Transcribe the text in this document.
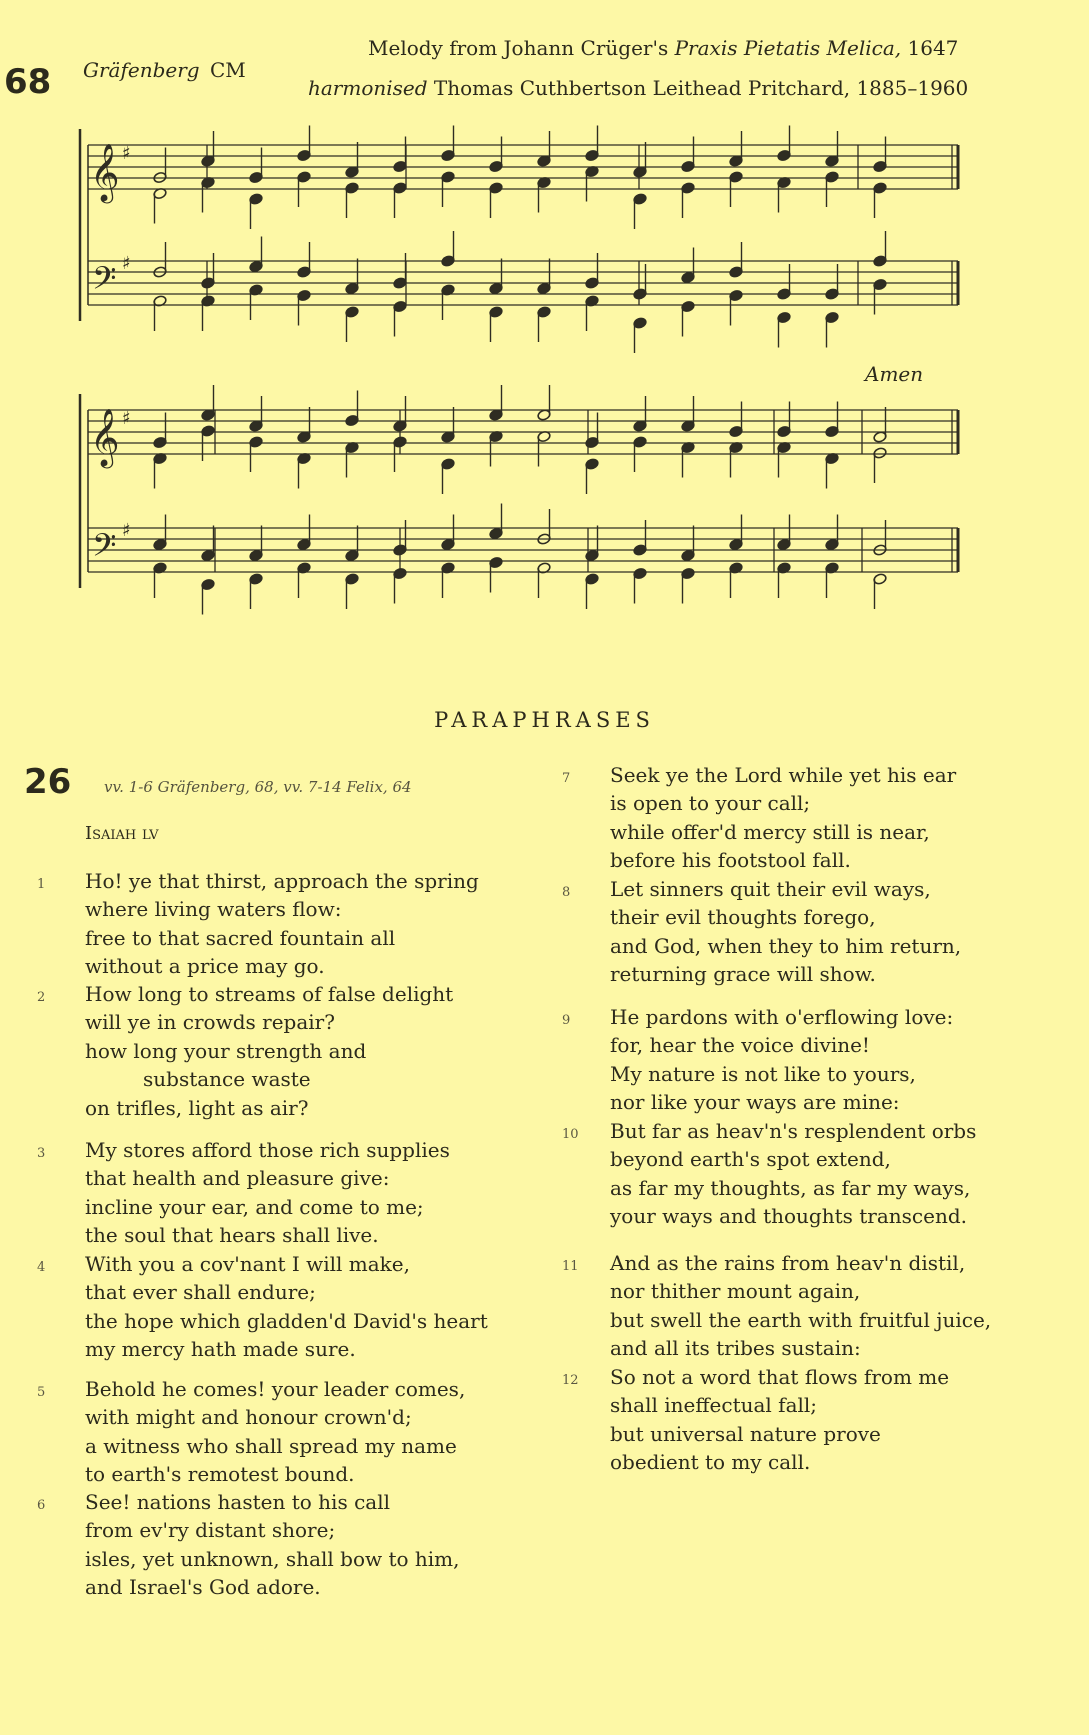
68 Gräfenberg CM
Melody from Johann Crüger's Praxis Pietatis Melica, 1647
harmonised Thomas Cuthbertson Leithead Pritchard, 1885–1960
Amen
𝄞
𝄢
♯
♯
𝄞
𝄢
♯
♯
PARAPHRASES
26 vv. 1-6 Gräfenberg, 68, vv. 7-14 Felix, 64
Isaiah lv
1 Ho! ye that thirst, approach the spring
where living waters flow:
free to that sacred fountain all
without a price may go.
2 How long to streams of false delight
will ye in crowds repair?
how long your strength and
substance waste
on trifles, light as air?
3 My stores afford those rich supplies
that health and pleasure give:
incline your ear, and come to me;
the soul that hears shall live.
4 With you a cov'nant I will make,
that ever shall endure;
the hope which gladden'd David's heart
my mercy hath made sure.
5 Behold he comes! your leader comes,
with might and honour crown'd;
a witness who shall spread my name
to earth's remotest bound.
6 See! nations hasten to his call
from ev'ry distant shore;
isles, yet unknown, shall bow to him,
and Israel's God adore.
7 Seek ye the Lord while yet his ear
is open to your call;
while offer'd mercy still is near,
before his footstool fall.
8 Let sinners quit their evil ways,
their evil thoughts forego,
and God, when they to him return,
returning grace will show.
9 He pardons with o'erflowing love:
for, hear the voice divine!
My nature is not like to yours,
nor like your ways are mine:
10 But far as heav'n's resplendent orbs
beyond earth's spot extend,
as far my thoughts, as far my ways,
your ways and thoughts transcend.
11 And as the rains from heav'n distil,
nor thither mount again,
but swell the earth with fruitful juice,
and all its tribes sustain:
12 So not a word that flows from me
shall ineffectual fall;
but universal nature prove
obedient to my call.
